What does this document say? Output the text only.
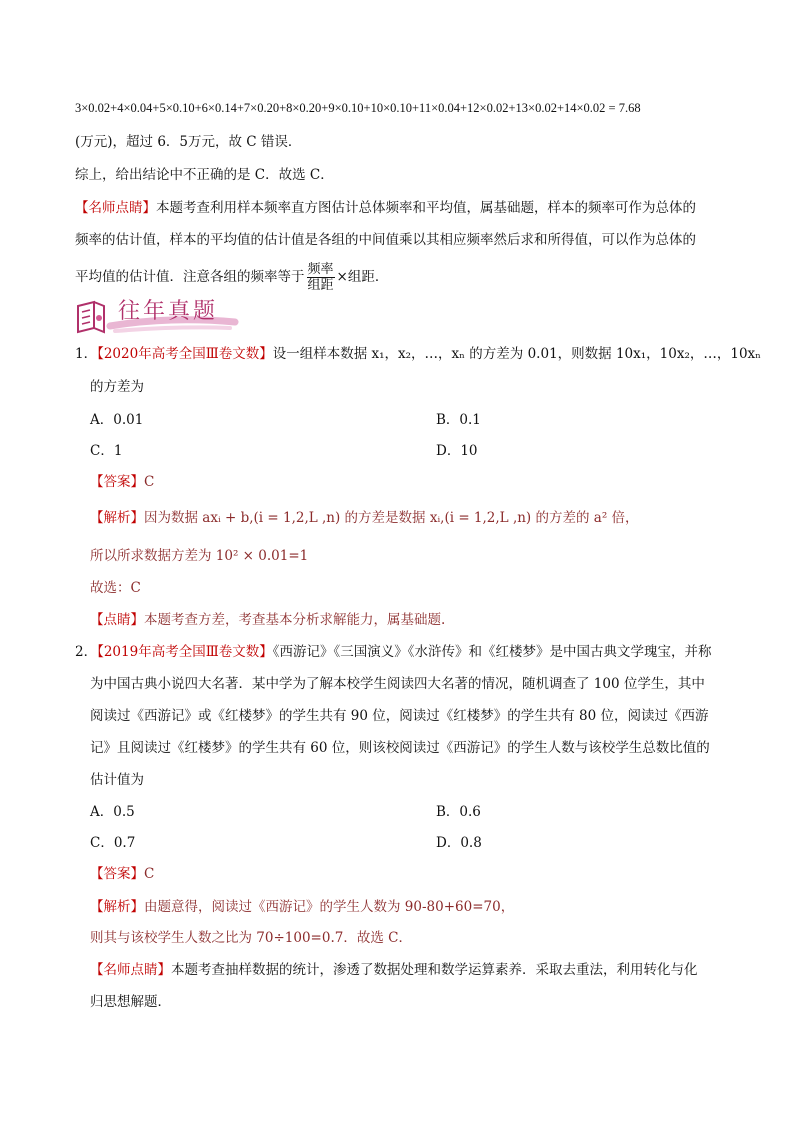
3×0.02+4×0.04+5×0.10+6×0.14+7×0.20+8×0.20+9×0.10+10×0.10+11×0.04+12×0.02+13×0.02+14×0.02 = 7.68
(万元)，超过 6．5万元，故 C 错误．
综上，给出结论中不正确的是 C．故选 C．
【名师点睛】本题考查利用样本频率直方图估计总体频率和平均值，属基础题，样本的频率可作为总体的
频率的估计值，样本的平均值的估计值是各组的中间值乘以其相应频率然后求和所得值，可以作为总体的
平均值的估计值．注意各组的频率等于 $\frac{\text{频率}}{\text{组距}}$ ×组距．
往年真题
1．【2020年高考全国Ⅲ卷文数】设一组样本数据 x₁，x₂，…，xₙ 的方差为 0.01，则数据 10x₁，10x₂，…，10xₙ
的方差为
A．0.01	B．0.1
C．1	D．10
【答案】C
【解析】因为数据 axᵢ + b,(i = 1,2,L ,n) 的方差是数据 xᵢ,(i = 1,2,L ,n) 的方差的 a² 倍，
所以所求数据方差为 10² × 0.01=1
故选：C
【点睛】本题考查方差，考查基本分析求解能力，属基础题.
2．【2019年高考全国Ⅲ卷文数】《西游记》《三国演义》《水浒传》和《红楼梦》是中国古典文学瑰宝，并称
为中国古典小说四大名著．某中学为了解本校学生阅读四大名著的情况，随机调查了 100 位学生，其中
阅读过《西游记》或《红楼梦》的学生共有 90 位，阅读过《红楼梦》的学生共有 80 位，阅读过《西游
记》且阅读过《红楼梦》的学生共有 60 位，则该校阅读过《西游记》的学生人数与该校学生总数比值的
估计值为
A．0.5	B．0.6
C．0.7	D．0.8
【答案】C
【解析】由题意得，阅读过《西游记》的学生人数为 90-80+60=70，
则其与该校学生人数之比为 70÷100=0.7．故选 C．
【名师点睛】本题考查抽样数据的统计，渗透了数据处理和数学运算素养．采取去重法，利用转化与化
归思想解题．
